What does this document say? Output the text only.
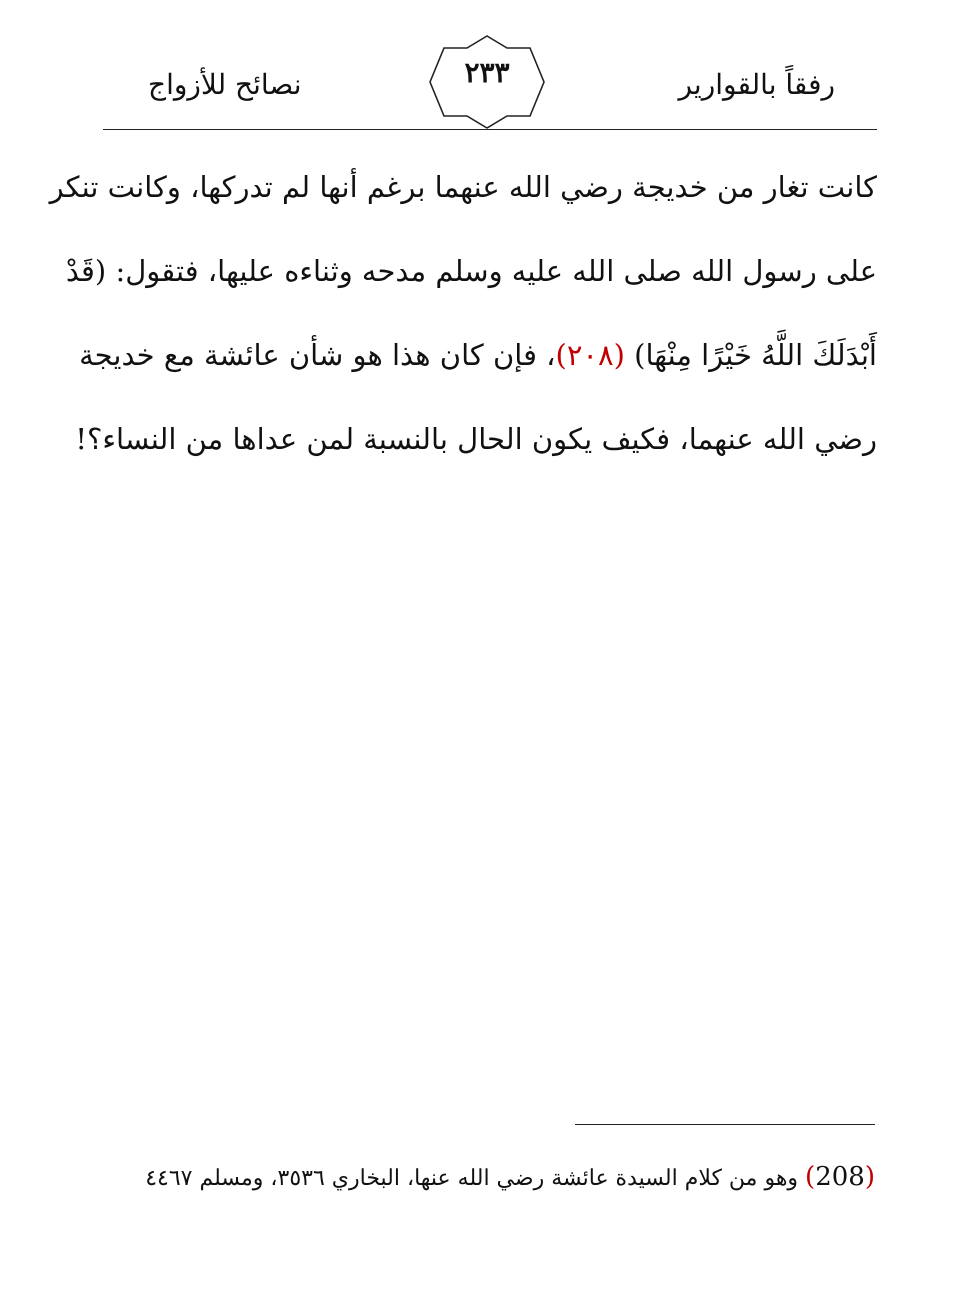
رفقاً بالقوارير
٢٣٣
نصائح للأزواج
كانت تغار من خديجة رضي الله عنهما برغم أنها لم تدركها، وكانت تنكر
على رسول الله صلى الله عليه وسلم مدحه وثناءه عليها، فتقول: (قَدْ
أَبْدَلَكَ اللَّهُ خَيْرًا مِنْهَا) (٢٠٨)، فإن كان هذا هو شأن عائشة مع خديجة
رضي الله عنهما، فكيف يكون الحال بالنسبة لمن عداها من النساء؟!
(208) وهو من كلام السيدة عائشة رضي الله عنها، البخاري ٣٥٣٦، ومسلم ٤٤٦٧
